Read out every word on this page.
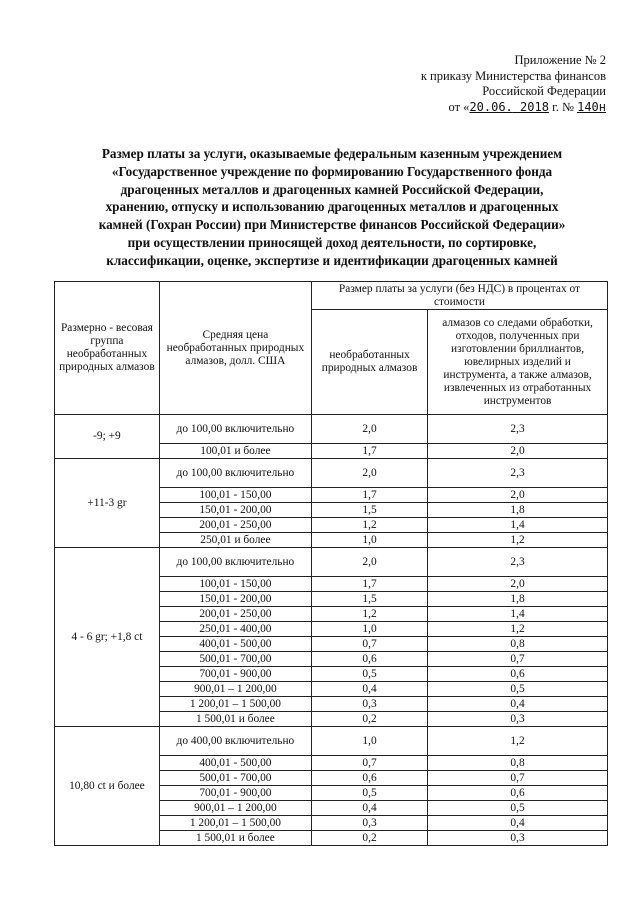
Приложение № 2
к приказу Министерства финансов
Российской Федерации
от «20.06. 2018 г. № 140н
Размер платы за услуги, оказываемые федеральным казенным учреждением
«Государственное учреждение по формированию Государственного фонда
драгоценных металлов и драгоценных камней Российской Федерации,
хранению, отпуску и использованию драгоценных металлов и драгоценных
камней (Гохран России) при Министерстве финансов Российской Федерации»
при осуществлении приносящей доход деятельности, по сортировке,
классификации, оценке, экспертизе и идентификации драгоценных камней
Размерно - весовая группа необработанных природных алмазов	Средняя цена необработанных природных алмазов, долл. США	Размер платы за услуги (без НДС) в процентах от стоимости	
		необработанных природных алмазов	алмазов со следами обработки, отходов, полученных при изготовлении бриллиантов, ювелирных изделий и инструмента, а также алмазов, извлеченных из отработанных инструментов
-9; +9	до 100,00 включительно	2,0	2,3
	100,01 и более	1,7	2,0
+11-3 gr	до 100,00 включительно	2,0	2,3
	100,01 - 150,00	1,7	2,0
	150,01 - 200,00	1,5	1,8
	200,01 - 250,00	1,2	1,4
	250,01 и более	1,0	1,2
4 - 6 gr; +1,8 ct	до 100,00 включительно	2,0	2,3
	100,01 - 150,00	1,7	2,0
	150,01 - 200,00	1,5	1,8
	200,01 - 250,00	1,2	1,4
	250,01 - 400,00	1,0	1,2
	400,01 - 500,00	0,7	0,8
	500,01 - 700,00	0,6	0,7
	700,01 - 900,00	0,5	0,6
	900,01 – 1 200,00	0,4	0,5
	1 200,01 – 1 500,00	0,3	0,4
	1 500,01 и более	0,2	0,3
10,80 ct и более	до 400,00 включительно	1,0	1,2
	400,01 - 500,00	0,7	0,8
	500,01 - 700,00	0,6	0,7
	700,01 - 900,00	0,5	0,6
	900,01 – 1 200,00	0,4	0,5
	1 200,01 – 1 500,00	0,3	0,4
	1 500,01 и более	0,2	0,3
